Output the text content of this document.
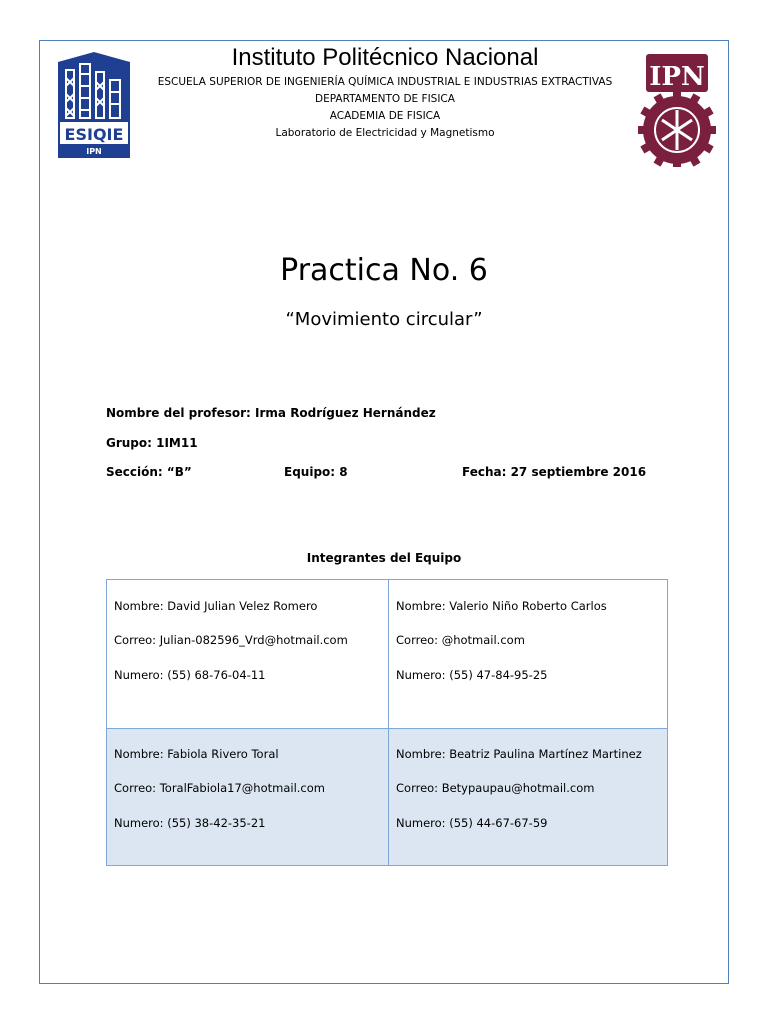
ESIQIE
IPN
IPN
Instituto Politécnico Nacional
ESCUELA SUPERIOR DE INGENIERÍA QUÍMICA INDUSTRIAL E INDUSTRIAS EXTRACTIVAS
DEPARTAMENTO DE FISICA
ACADEMIA DE FISICA
Laboratorio de Electricidad y Magnetismo
Practica No. 6
“Movimiento circular”
Nombre del profesor: Irma Rodríguez Hernández
Grupo: 1IM11
Sección: “B”	Equipo: 8	Fecha: 27 septiembre 2016
Integrantes del Equipo
Nombre: David Julian Velez Romero
Correo: Julian-082596_Vrd@hotmail.com
Numero: (55) 68-76-04-11
Nombre: Valerio Niño Roberto Carlos
Correo: @hotmail.com
Numero: (55) 47-84-95-25
Nombre: Fabiola Rivero Toral
Correo: ToralFabiola17@hotmail.com
Numero: (55) 38-42-35-21
Nombre: Beatriz Paulina Martínez Martinez
Correo: Betypaupau@hotmail.com
Numero: (55) 44-67-67-59
